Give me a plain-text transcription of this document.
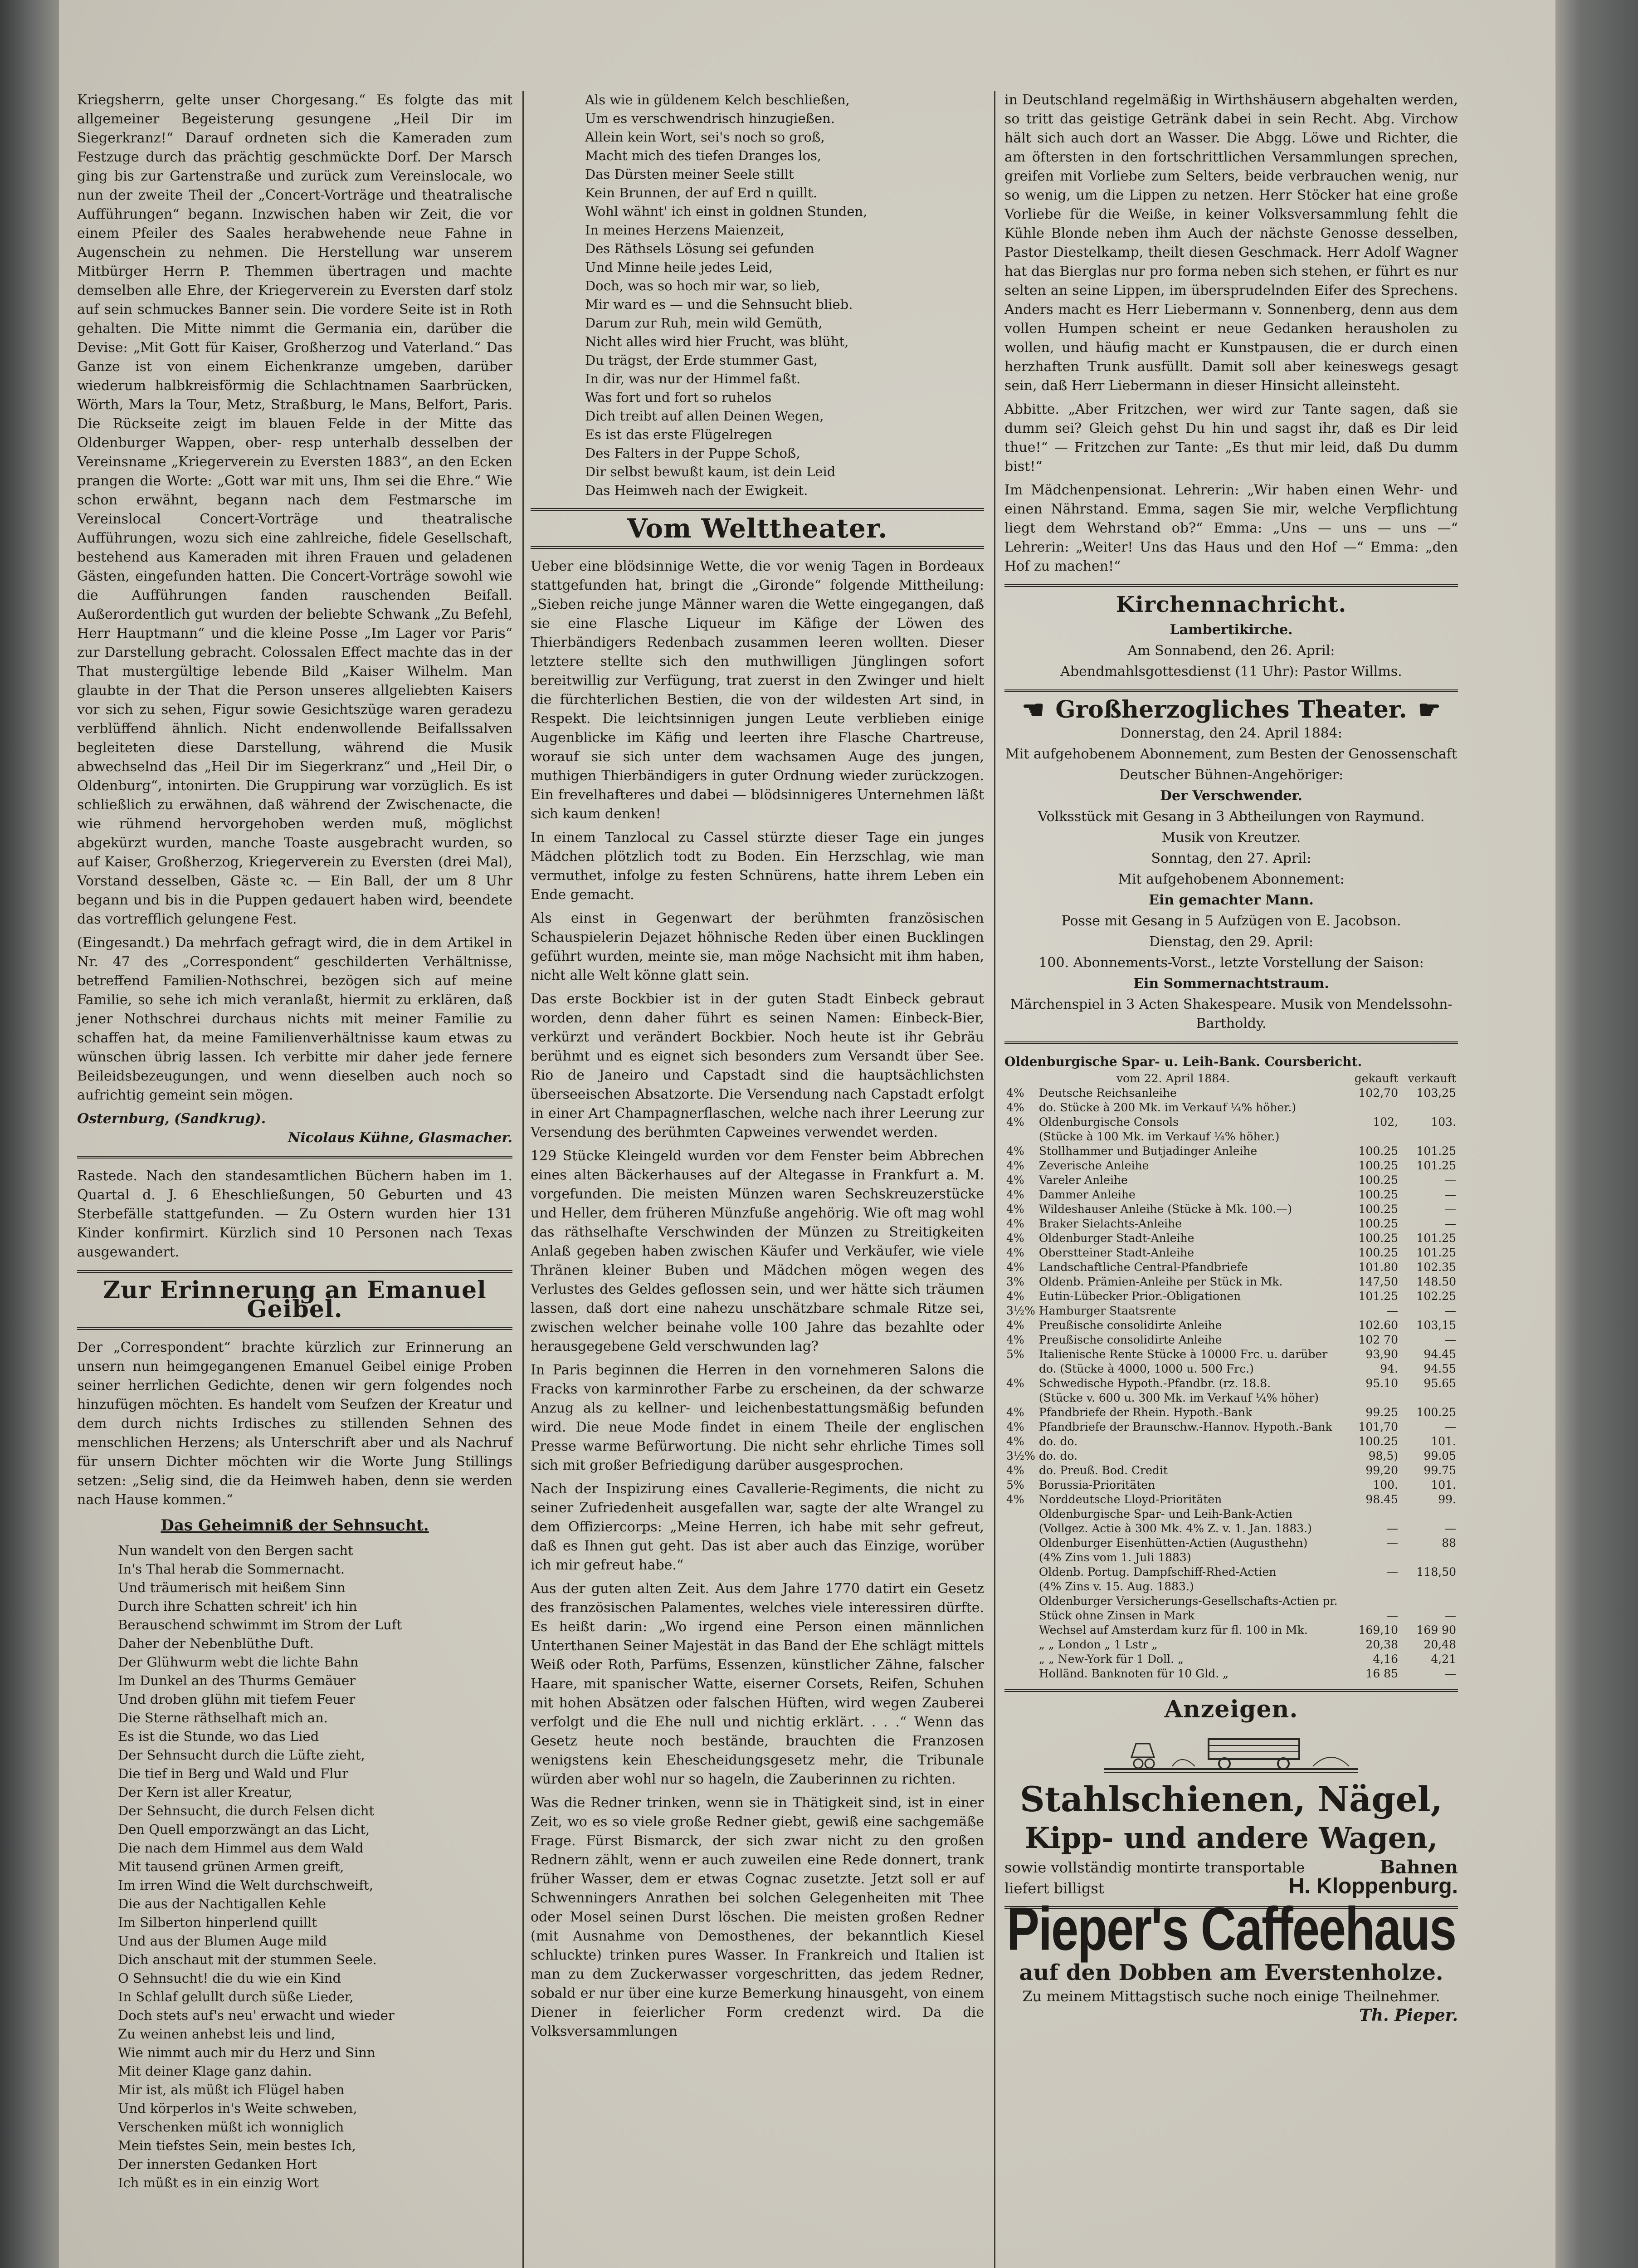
Kriegsherrn, gelte unser Chorgesang.“ Es folgte das mit allgemeiner Begeisterung gesungene „Heil Dir im Siegerkranz!“ Darauf ordneten sich die Kameraden zum Festzuge durch das prächtig geschmückte Dorf. Der Marsch ging bis zur Gartenstraße und zurück zum Vereinslocale, wo nun der zweite Theil der „Concert-Vorträge und theatralische Aufführungen“ begann. Inzwischen haben wir Zeit, die vor einem Pfeiler des Saales herabwehende neue Fahne in Augenschein zu nehmen. Die Herstellung war unserem Mitbürger Herrn P. Themmen übertragen und machte demselben alle Ehre, der Kriegerverein zu Eversten darf stolz auf sein schmuckes Banner sein. Die vordere Seite ist in Roth gehalten. Die Mitte nimmt die Germania ein, darüber die Devise: „Mit Gott für Kaiser, Großherzog und Vaterland.“ Das Ganze ist von einem Eichenkranze umgeben, darüber wiederum halbkreisförmig die Schlachtnamen Saarbrücken, Wörth, Mars la Tour, Metz, Straßburg, le Mans, Belfort, Paris. Die Rückseite zeigt im blauen Felde in der Mitte das Oldenburger Wappen, ober- resp unterhalb desselben der Vereinsname „Kriegerverein zu Eversten 1883“, an den Ecken prangen die Worte: „Gott war mit uns, Ihm sei die Ehre.“ Wie schon erwähnt, begann nach dem Festmarsche im Vereinslocal Concert-Vorträge und theatralische Aufführungen, wozu sich eine zahlreiche, fidele Gesellschaft, bestehend aus Kameraden mit ihren Frauen und geladenen Gästen, eingefunden hatten. Die Concert-Vorträge sowohl wie die Aufführungen fanden rauschenden Beifall. Außerordentlich gut wurden der beliebte Schwank „Zu Befehl, Herr Hauptmann“ und die kleine Posse „Im Lager vor Paris“ zur Darstellung gebracht. Colossalen Effect machte das in der That mustergültige lebende Bild „Kaiser Wilhelm. Man glaubte in der That die Person unseres allgeliebten Kaisers vor sich zu sehen, Figur sowie Gesichtszüge waren geradezu verblüffend ähnlich. Nicht endenwollende Beifallssalven begleiteten diese Darstellung, während die Musik abwechselnd das „Heil Dir im Siegerkranz“ und „Heil Dir, o Oldenburg“, intonirten. Die Gruppirung war vorzüglich. Es ist schließlich zu erwähnen, daß während der Zwischenacte, die wie rühmend hervorgehoben werden muß, möglichst abgekürzt wurden, manche Toaste ausgebracht wurden, so auf Kaiser, Großherzog, Kriegerverein zu Eversten (drei Mal), Vorstand desselben, Gäste ꝛc. — Ein Ball, der um 8 Uhr begann und bis in die Puppen gedauert haben wird, beendete das vortrefflich gelungene Fest.

(Eingesandt.) Da mehrfach gefragt wird, die in dem Artikel in Nr. 47 des „Correspondent“ geschilderten Verhältnisse, betreffend Familien-Nothschrei, bezögen sich auf meine Familie, so sehe ich mich veranlaßt, hiermit zu erklären, daß jener Nothschrei durchaus nichts mit meiner Familie zu schaffen hat, da meine Familienverhältnisse kaum etwas zu wünschen übrig lassen. Ich verbitte mir daher jede fernere Beileidsbezeugungen, und wenn dieselben auch noch so aufrichtig gemeint sein mögen.

Osternburg, (Sandkrug).
Nicolaus Kühne, Glasmacher.

Rastede. Nach den standesamtlichen Büchern haben im 1. Quartal d. J. 6 Eheschließungen, 50 Geburten und 43 Sterbefälle stattgefunden. — Zu Ostern wurden hier 131 Kinder konfirmirt. Kürzlich sind 10 Personen nach Texas ausgewandert.

Zur Erinnerung an Emanuel Geibel.

Der „Correspondent“ brachte kürzlich zur Erinnerung an unsern nun heimgegangenen Emanuel Geibel einige Proben seiner herrlichen Gedichte, denen wir gern folgendes noch hinzufügen möchten. Es handelt vom Seufzen der Kreatur und dem durch nichts Irdisches zu stillenden Sehnen des menschlichen Herzens; als Unterschrift aber und als Nachruf für unsern Dichter möchten wir die Worte Jung Stillings setzen: „Selig sind, die da Heimweh haben, denn sie werden nach Hause kommen.“

Das Geheimniß der Sehnsucht.
Nun wandelt von den Bergen sacht
In's Thal herab die Sommernacht.
Und träumerisch mit heißem Sinn
Durch ihre Schatten schreit' ich hin
Berauschend schwimmt im Strom der Luft
Daher der Nebenblüthe Duft.
Der Glühwurm webt die lichte Bahn
Im Dunkel an des Thurms Gemäuer
Und droben glühn mit tiefem Feuer
Die Sterne räthselhaft mich an.
Es ist die Stunde, wo das Lied
Der Sehnsucht durch die Lüfte zieht,
Die tief in Berg und Wald und Flur
Der Kern ist aller Kreatur,
Der Sehnsucht, die durch Felsen dicht
Den Quell emporzwängt an das Licht,
Die nach dem Himmel aus dem Wald
Mit tausend grünen Armen greift,
Im irren Wind die Welt durchschweift,
Die aus der Nachtigallen Kehle
Im Silberton hinperlend quillt
Und aus der Blumen Auge mild
Dich anschaut mit der stummen Seele.
O Sehnsucht! die du wie ein Kind
In Schlaf gelullt durch süße Lieder,
Doch stets auf's neu' erwacht und wieder
Zu weinen anhebst leis und lind,
Wie nimmt auch mir du Herz und Sinn
Mit deiner Klage ganz dahin.
Mir ist, als müßt ich Flügel haben
Und körperlos in's Weite schweben,
Verschenken müßt ich wonniglich
Mein tiefstes Sein, mein bestes Ich,
Der innersten Gedanken Hort
Ich müßt es in ein einzig Wort
Als wie in güldenem Kelch beschließen,
Um es verschwendrisch hinzugießen.
Allein kein Wort, sei's noch so groß,
Macht mich des tiefen Dranges los,
Das Dürsten meiner Seele stillt
Kein Brunnen, der auf Erd n quillt.
Wohl wähnt' ich einst in goldnen Stunden,
In meines Herzens Maienzeit,
Des Räthsels Lösung sei gefunden
Und Minne heile jedes Leid,
Doch, was so hoch mir war, so lieb,
Mir ward es — und die Sehnsucht blieb.
Darum zur Ruh, mein wild Gemüth,
Nicht alles wird hier Frucht, was blüht,
Du trägst, der Erde stummer Gast,
In dir, was nur der Himmel faßt.
Was fort und fort so ruhelos
Dich treibt auf allen Deinen Wegen,
Es ist das erste Flügelregen
Des Falters in der Puppe Schoß,
Dir selbst bewußt kaum, ist dein Leid
Das Heimweh nach der Ewigkeit.
Vom Welttheater.

Ueber eine blödsinnige Wette, die vor wenig Tagen in Bordeaux stattgefunden hat, bringt die „Gironde“ folgende Mittheilung: „Sieben reiche junge Männer waren die Wette eingegangen, daß sie eine Flasche Liqueur im Käfige der Löwen des Thierbändigers Redenbach zusammen leeren wollten. Dieser letztere stellte sich den muthwilligen Jünglingen sofort bereitwillig zur Verfügung, trat zuerst in den Zwinger und hielt die fürchterlichen Bestien, die von der wildesten Art sind, in Respekt. Die leichtsinnigen jungen Leute verblieben einige Augenblicke im Käfig und leerten ihre Flasche Chartreuse, worauf sie sich unter dem wachsamen Auge des jungen, muthigen Thierbändigers in guter Ordnung wieder zurückzogen. Ein frevelhafteres und dabei — blödsinnigeres Unternehmen läßt sich kaum denken!

In einem Tanzlocal zu Cassel stürzte dieser Tage ein junges Mädchen plötzlich todt zu Boden. Ein Herzschlag, wie man vermuthet, infolge zu festen Schnürens, hatte ihrem Leben ein Ende gemacht.

Als einst in Gegenwart der berühmten französischen Schauspielerin Dejazet höhnische Reden über einen Bucklingen geführt wurden, meinte sie, man möge Nachsicht mit ihm haben, nicht alle Welt könne glatt sein.

Das erste Bockbier ist in der guten Stadt Einbeck gebraut worden, denn daher führt es seinen Namen: Einbeck-Bier, verkürzt und verändert Bockbier. Noch heute ist ihr Gebräu berühmt und es eignet sich besonders zum Versandt über See. Rio de Janeiro und Capstadt sind die hauptsächlichsten überseeischen Absatzorte. Die Versendung nach Capstadt erfolgt in einer Art Champagnerflaschen, welche nach ihrer Leerung zur Versendung des berühmten Capweines verwendet werden.

129 Stücke Kleingeld wurden vor dem Fenster beim Abbrechen eines alten Bäckerhauses auf der Altegasse in Frankfurt a. M. vorgefunden. Die meisten Münzen waren Sechskreuzerstücke und Heller, dem früheren Münzfuße angehörig. Wie oft mag wohl das räthselhafte Verschwinden der Münzen zu Streitigkeiten Anlaß gegeben haben zwischen Käufer und Verkäufer, wie viele Thränen kleiner Buben und Mädchen mögen wegen des Verlustes des Geldes geflossen sein, und wer hätte sich träumen lassen, daß dort eine nahezu unschätzbare schmale Ritze sei, zwischen welcher beinahe volle 100 Jahre das bezahlte oder herausgegebene Geld verschwunden lag?

In Paris beginnen die Herren in den vornehmeren Salons die Fracks von karminrother Farbe zu erscheinen, da der schwarze Anzug als zu kellner- und leichenbestattungsmäßig befunden wird. Die neue Mode findet in einem Theile der englischen Presse warme Befürwortung. Die nicht sehr ehrliche Times soll sich mit großer Befriedigung darüber ausgesprochen.

Nach der Inspizirung eines Cavallerie-Regiments, die nicht zu seiner Zufriedenheit ausgefallen war, sagte der alte Wrangel zu dem Offiziercorps: „Meine Herren, ich habe mit sehr gefreut, daß es Ihnen gut geht. Das ist aber auch das Einzige, worüber ich mir gefreut habe.“

Aus der guten alten Zeit. Aus dem Jahre 1770 datirt ein Gesetz des französischen Palamentes, welches viele interessiren dürfte. Es heißt darin: „Wo irgend eine Person einen männlichen Unterthanen Seiner Majestät in das Band der Ehe schlägt mittels Weiß oder Roth, Parfüms, Essenzen, künstlicher Zähne, falscher Haare, mit spanischer Watte, eiserner Corsets, Reifen, Schuhen mit hohen Absätzen oder falschen Hüften, wird wegen Zauberei verfolgt und die Ehe null und nichtig erklärt. . . .“ Wenn das Gesetz heute noch bestände, brauchten die Franzosen wenigstens kein Ehescheidungsgesetz mehr, die Tribunale würden aber wohl nur so hageln, die Zauberinnen zu richten.

Was die Redner trinken, wenn sie in Thätigkeit sind, ist in einer Zeit, wo es so viele große Redner giebt, gewiß eine sachgemäße Frage. Fürst Bismarck, der sich zwar nicht zu den großen Rednern zählt, wenn er auch zuweilen eine Rede donnert, trank früher Wasser, dem er etwas Cognac zusetzte. Jetzt soll er auf Schwenningers Anrathen bei solchen Gelegenheiten mit Thee oder Mosel seinen Durst löschen. Die meisten großen Redner (mit Ausnahme von Demosthenes, der bekanntlich Kiesel schluckte) trinken pures Wasser. In Frankreich und Italien ist man zu dem Zuckerwasser vorgeschritten, das jedem Redner, sobald er nur über eine kurze Bemerkung hinausgeht, von einem Diener in feierlicher Form credenzt wird. Da die Volksversammlungen

in Deutschland regelmäßig in Wirthshäusern abgehalten werden, so tritt das geistige Getränk dabei in sein Recht. Abg. Virchow hält sich auch dort an Wasser. Die Abgg. Löwe und Richter, die am öftersten in den fortschrittlichen Versammlungen sprechen, greifen mit Vorliebe zum Selters, beide verbrauchen wenig, nur so wenig, um die Lippen zu netzen. Herr Stöcker hat eine große Vorliebe für die Weiße, in keiner Volksversammlung fehlt die Kühle Blonde neben ihm Auch der nächste Genosse desselben, Pastor Diestelkamp, theilt diesen Geschmack. Herr Adolf Wagner hat das Bierglas nur pro forma neben sich stehen, er führt es nur selten an seine Lippen, im übersprudelnden Eifer des Sprechens. Anders macht es Herr Liebermann v. Sonnenberg, denn aus dem vollen Humpen scheint er neue Gedanken herausholen zu wollen, und häufig macht er Kunstpausen, die er durch einen herzhaften Trunk ausfüllt. Damit soll aber keineswegs gesagt sein, daß Herr Liebermann in dieser Hinsicht alleinsteht.

Abbitte. „Aber Fritzchen, wer wird zur Tante sagen, daß sie dumm sei? Gleich gehst Du hin und sagst ihr, daß es Dir leid thue!“ — Fritzchen zur Tante: „Es thut mir leid, daß Du dumm bist!“

Im Mädchenpensionat. Lehrerin: „Wir haben einen Wehr- und einen Nährstand. Emma, sagen Sie mir, welche Verpflichtung liegt dem Wehrstand ob?“ Emma: „Uns — uns — uns —“ Lehrerin: „Weiter! Uns das Haus und den Hof —“ Emma: „den Hof zu machen!“

Kirchennachricht.
Lambertikirche.
Am Sonnabend, den 26. April:
Abendmahlsgottesdienst (11 Uhr): Pastor Willms.
☚ Großherzogliches Theater. ☛
Donnerstag, den 24. April 1884:
Mit aufgehobenem Abonnement, zum Besten der Genossenschaft
Deutscher Bühnen-Angehöriger:
Der Verschwender.
Volksstück mit Gesang in 3 Abtheilungen von Raymund.
Musik von Kreutzer.
Sonntag, den 27. April:
Mit aufgehobenem Abonnement:
Ein gemachter Mann.
Posse mit Gesang in 5 Aufzügen von E. Jacobson.
Dienstag, den 29. April:
100. Abonnements-Vorst., letzte Vorstellung der Saison:
Ein Sommernachtstraum.
Märchenspiel in 3 Acten Shakespeare. Musik von Mendelssohn-Bartholdy.
Oldenburgische Spar- u. Leih-Bank. Coursbericht.
vom 22. April 1884.		gekauft	verkauft
4%	Deutsche Reichsanleihe	102,70	103,25
4%	do. Stücke à 200 Mk. im Verkauf ¼% höher.)		
4%	Oldenburgische Consols	102,	103.
	(Stücke à 100 Mk. im Verkauf ¼% höher.)		
4%	Stollhammer und Butjadinger Anleihe	100.25	101.25
4%	Zeverische Anleihe	100.25	101.25
4%	Vareler Anleihe	100.25	—
4%	Dammer Anleihe	100.25	—
4%	Wildeshauser Anleihe (Stücke à Mk. 100.—)	100.25	—
4%	Braker Sielachts-Anleihe	100.25	—
4%	Oldenburger Stadt-Anleihe	100.25	101.25
4%	Oberstteiner Stadt-Anleihe	100.25	101.25
4%	Landschaftliche Central-Pfandbriefe	101.80	102.35
3%	Oldenb. Prämien-Anleihe per Stück in Mk.	147,50	148.50
4%	Eutin-Lübecker Prior.-Obligationen	101.25	102.25
3½%	Hamburger Staatsrente	—	—
4%	Preußische consolidirte Anleihe	102.60	103,15
4%	Preußische consolidirte Anleihe	102 70	—
5%	Italienische Rente Stücke à 10000 Frc. u. darüber	93,90	94.45
	do. (Stücke à 4000, 1000 u. 500 Frc.)	94.	94.55
4%	Schwedische Hypoth.-Pfandbr. (rz. 18.8.	95.10	95.65
	(Stücke v. 600 u. 300 Mk. im Verkauf ¼% höher)		
4%	Pfandbriefe der Rhein. Hypoth.-Bank	99.25	100.25
4%	Pfandbriefe der Braunschw.-Hannov. Hypoth.-Bank	101,70	—
4%	do. do.	100.25	101.
3½%	do. do.	98,5)	99.05
4%	do. Preuß. Bod. Credit	99,20	99.75
5%	Borussia-Prioritäten	100.	101.
4%	Norddeutsche Lloyd-Prioritäten	98.45	99.
	Oldenburgische Spar- und Leih-Bank-Actien		
	(Vollgez. Actie à 300 Mk. 4% Z. v. 1. Jan. 1883.)	—	—
	Oldenburger Eisenhütten-Actien (Augusthehn)	—	88
	(4% Zins vom 1. Juli 1883)		
	Oldenb. Portug. Dampfschiff-Rhed-Actien	—	118,50
	(4% Zins v. 15. Aug. 1883.)		
	Oldenburger Versicherungs-Gesellschafts-Actien pr.		
	Stück ohne Zinsen in Mark	—	—
	Wechsel auf Amsterdam kurz für fl. 100 in Mk.	169,10	169 90
	„ „ London „ 1 Lstr „	20,38	20,48
	„ „ New-York für 1 Doll. „	4,16	4,21
	Holländ. Banknoten für 10 Gld. „	16 85	—
Anzeigen.
Stahlschienen, Nägel,
Kipp- und andere Wagen,
sowie vollständig montirte transportable	Bahnen
liefert billigst	H. Kloppenburg.
Pieper's Caffeehaus
auf den Dobben am Everstenholze.

Zu meinem Mittagstisch suche noch einige Theilnehmer.

Th. Pieper.
